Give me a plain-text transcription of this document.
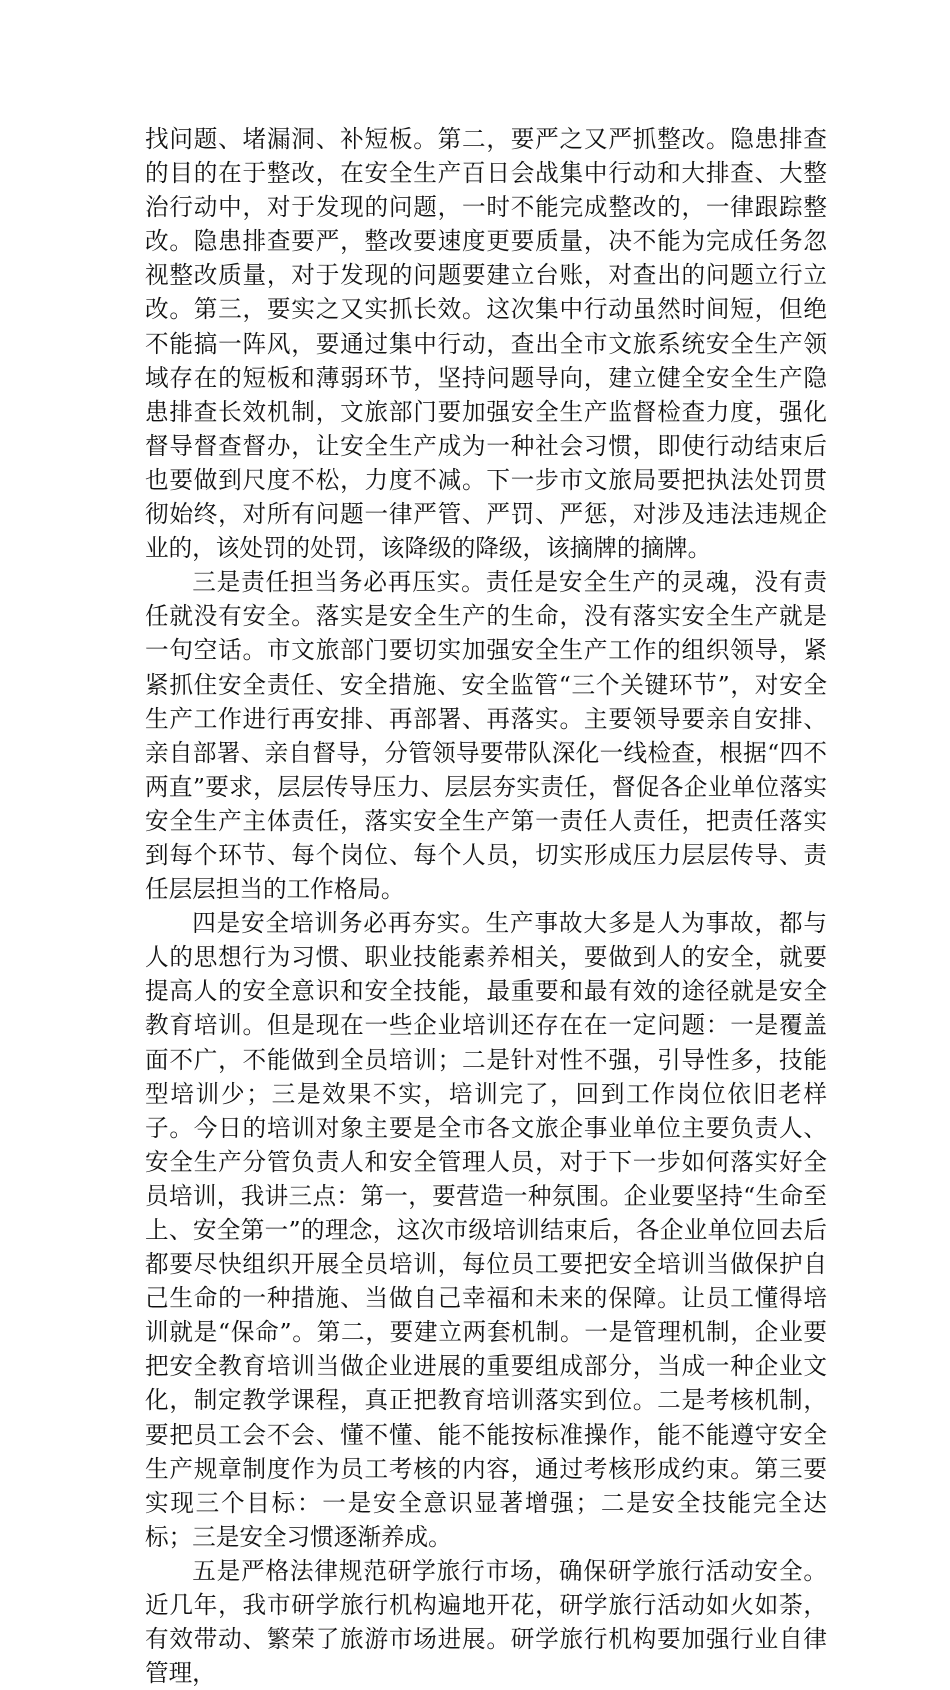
找问题、堵漏洞、补短板。第二，要严之又严抓整改。隐患排查的目的在于整改，在安全生产百日会战集中行动和大排查、大整治行动中，对于发现的问题，一时不能完成整改的，一律跟踪整改。隐患排查要严，整改要速度更要质量，决不能为完成任务忽视整改质量，对于发现的问题要建立台账，对查出的问题立行立改。第三，要实之又实抓长效。这次集中行动虽然时间短，但绝不能搞一阵风，要通过集中行动，查出全市文旅系统安全生产领域存在的短板和薄弱环节，坚持问题导向，建立健全安全生产隐患排查长效机制，文旅部门要加强安全生产监督检查力度，强化督导督查督办，让安全生产成为一种社会习惯，即使行动结束后也要做到尺度不松，力度不减。下一步市文旅局要把执法处罚贯彻始终，对所有问题一律严管、严罚、严惩，对涉及违法违规企业的，该处罚的处罚，该降级的降级，该摘牌的摘牌。

三是责任担当务必再压实。责任是安全生产的灵魂，没有责任就没有安全。落实是安全生产的生命，没有落实安全生产就是一句空话。市文旅部门要切实加强安全生产工作的组织领导，紧紧抓住安全责任、安全措施、安全监管“三个关键环节”，对安全生产工作进行再安排、再部署、再落实。主要领导要亲自安排、亲自部署、亲自督导，分管领导要带队深化一线检查，根据“四不两直”要求，层层传导压力、层层夯实责任，督促各企业单位落实安全生产主体责任，落实安全生产第一责任人责任，把责任落实到每个环节、每个岗位、每个人员，切实形成压力层层传导、责任层层担当的工作格局。

四是安全培训务必再夯实。生产事故大多是人为事故，都与人的思想行为习惯、职业技能素养相关，要做到人的安全，就要提高人的安全意识和安全技能，最重要和最有效的途径就是安全教育培训。但是现在一些企业培训还存在在一定问题：一是覆盖面不广，不能做到全员培训；二是针对性不强，引导性多，技能型培训少；三是效果不实，培训完了，回到工作岗位依旧老样子。今日的培训对象主要是全市各文旅企事业单位主要负责人、安全生产分管负责人和安全管理人员，对于下一步如何落实好全员培训，我讲三点：第一，要营造一种氛围。企业要坚持“生命至上、安全第一”的理念，这次市级培训结束后，各企业单位回去后都要尽快组织开展全员培训，每位员工要把安全培训当做保护自己生命的一种措施、当做自己幸福和未来的保障。让员工懂得培训就是“保命”。第二，要建立两套机制。一是管理机制，企业要把安全教育培训当做企业进展的重要组成部分，当成一种企业文化，制定教学课程，真正把教育培训落实到位。二是考核机制，要把员工会不会、懂不懂、能不能按标准操作，能不能遵守安全生产规章制度作为员工考核的内容，通过考核形成约束。第三要实现三个目标：一是安全意识显著增强；二是安全技能完全达标；三是安全习惯逐渐养成。

五是严格法律规范研学旅行市场，确保研学旅行活动安全。近几年，我市研学旅行机构遍地开花，研学旅行活动如火如荼，有效带动、繁荣了旅游市场进展。研学旅行机构要加强行业自律管理，
